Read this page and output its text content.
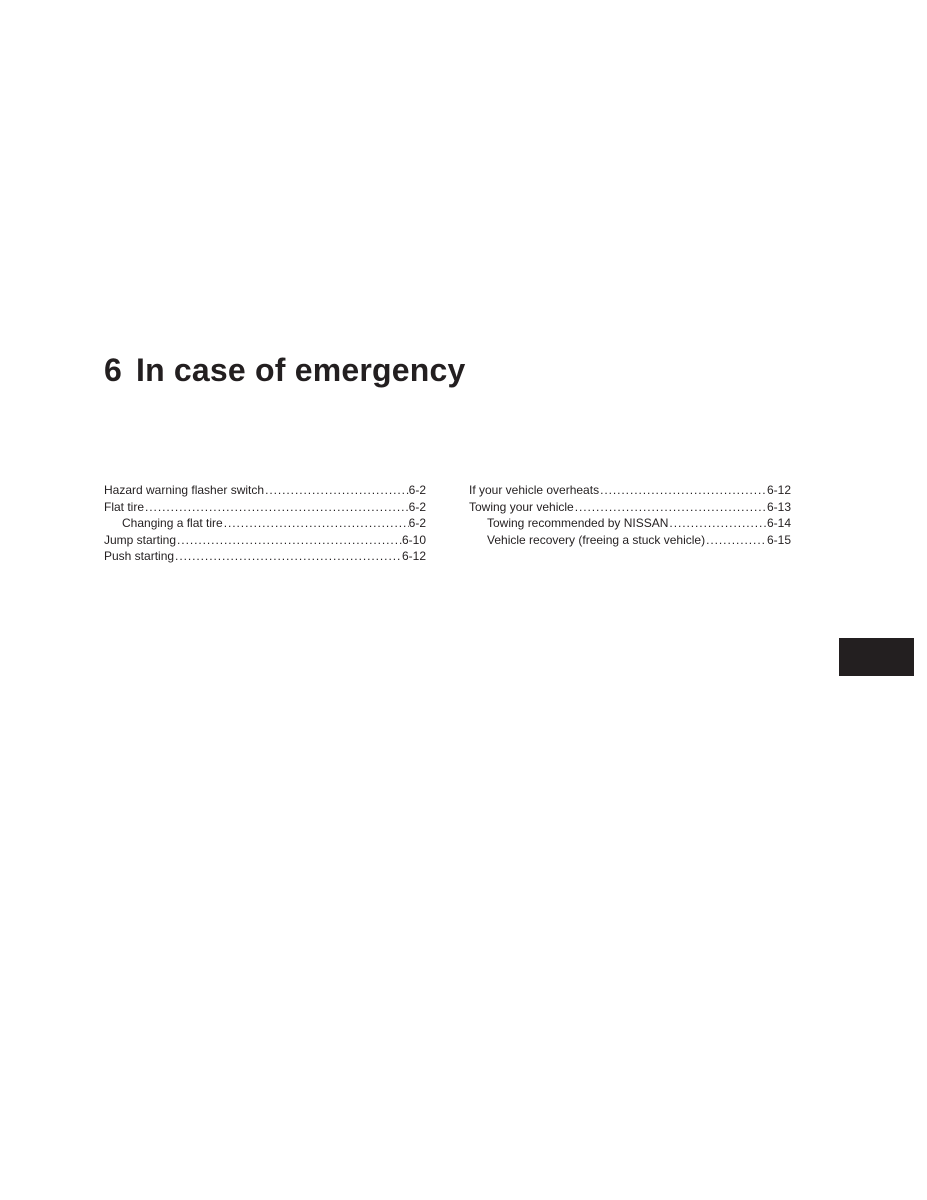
6 In case of emergency
Hazard warning flasher switch . . .	6-2
Flat tire . . .	6-2
Changing a flat tire . . .	6-2
Jump starting . . .	6-10
Push starting . . .	6-12
If your vehicle overheats . . .	6-12
Towing your vehicle . . .	6-13
Towing recommended by NISSAN . . .	6-14
Vehicle recovery (freeing a stuck vehicle) . . .	6-15
